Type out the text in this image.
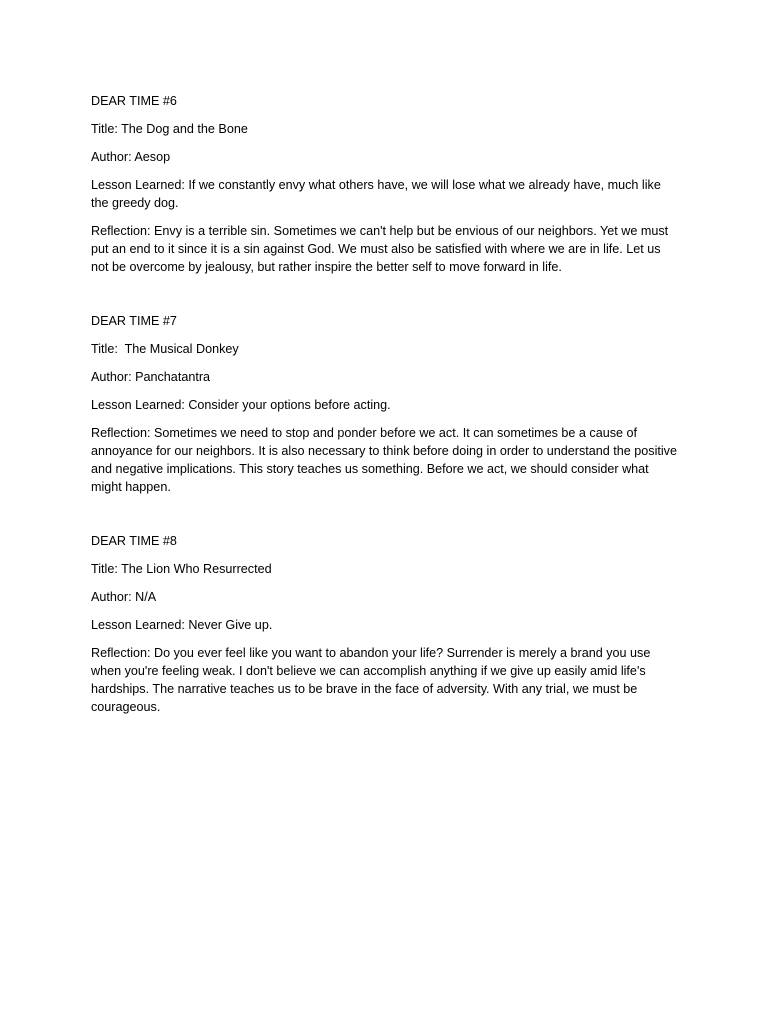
DEAR TIME #6

Title: The Dog and the Bone

Author: Aesop

Lesson Learned: If we constantly envy what others have, we will lose what we already have, much like the greedy dog.

Reflection: Envy is a terrible sin. Sometimes we can't help but be envious of our neighbors. Yet we must put an end to it since it is a sin against God. We must also be satisfied with where we are in life. Let us not be overcome by jealousy, but rather inspire the better self to move forward in life.

DEAR TIME #7

Title:  The Musical Donkey

Author: Panchatantra

Lesson Learned: Consider your options before acting.

Reflection: Sometimes we need to stop and ponder before we act. It can sometimes be a cause of annoyance for our neighbors. It is also necessary to think before doing in order to understand the positive and negative implications. This story teaches us something. Before we act, we should consider what might happen.

DEAR TIME #8

Title: The Lion Who Resurrected

Author: N/A

Lesson Learned: Never Give up.

Reflection: Do you ever feel like you want to abandon your life? Surrender is merely a brand you use when you're feeling weak. I don't believe we can accomplish anything if we give up easily amid life's hardships. The narrative teaches us to be brave in the face of adversity. With any trial, we must be courageous.
